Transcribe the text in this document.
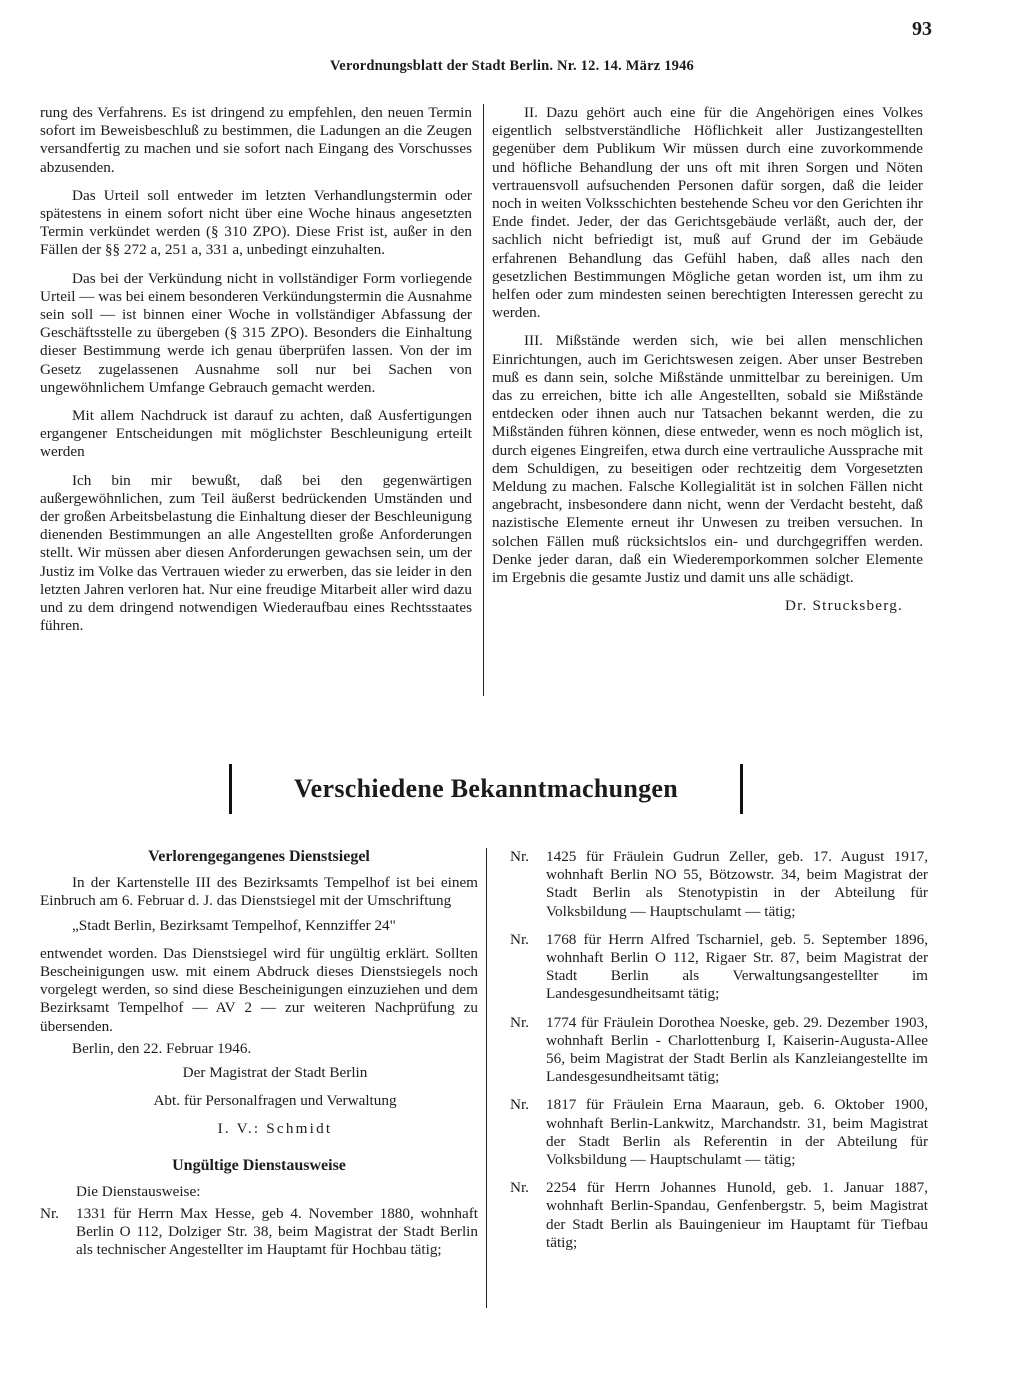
93
Verordnungsblatt der Stadt Berlin. Nr. 12. 14. März 1946

rung des Verfahrens. Es ist dringend zu empfehlen, den neuen Termin sofort im Beweisbeschluß zu bestimmen, die Ladungen an die Zeugen versandfertig zu machen und sie sofort nach Eingang des Vorschusses abzusenden.

Das Urteil soll entweder im letzten Verhandlungstermin oder spätestens in einem sofort nicht über eine Woche hinaus angesetzten Termin verkündet werden (§ 310 ZPO). Diese Frist ist, außer in den Fällen der §§ 272 a, 251 a, 331 a, unbedingt einzuhalten.

Das bei der Verkündung nicht in vollständiger Form vorliegende Urteil — was bei einem besonderen Verkündungstermin die Ausnahme sein soll — ist binnen einer Woche in vollständiger Abfassung der Geschäftsstelle zu übergeben (§ 315 ZPO). Besonders die Einhaltung dieser Bestimmung werde ich genau überprüfen lassen. Von der im Gesetz zugelassenen Ausnahme soll nur bei Sachen von ungewöhnlichem Umfange Gebrauch gemacht werden.

Mit allem Nachdruck ist darauf zu achten, daß Ausfertigungen ergangener Entscheidungen mit möglichster Beschleunigung erteilt werden

Ich bin mir bewußt, daß bei den gegenwärtigen außergewöhnlichen, zum Teil äußerst bedrückenden Umständen und der großen Arbeitsbelastung die Einhaltung dieser der Beschleunigung dienenden Bestimmungen an alle Angestellten große Anforderungen stellt. Wir müssen aber diesen Anforderungen gewachsen sein, um der Justiz im Volke das Vertrauen wieder zu erwerben, das sie leider in den letzten Jahren verloren hat. Nur eine freudige Mitarbeit aller wird dazu und zu dem dringend notwendigen Wiederaufbau eines Rechtsstaates führen.

II. Dazu gehört auch eine für die Angehörigen eines Volkes eigentlich selbstverständliche Höflichkeit aller Justizangestellten gegenüber dem Publikum Wir müssen durch eine zuvorkommende und höfliche Behandlung der uns oft mit ihren Sorgen und Nöten vertrauensvoll aufsuchenden Personen dafür sorgen, daß die leider noch in weiten Volksschichten bestehende Scheu vor den Gerichten ihr Ende findet. Jeder, der das Gerichtsgebäude verläßt, auch der, der sachlich nicht befriedigt ist, muß auf Grund der im Gebäude erfahrenen Behandlung das Gefühl haben, daß alles nach den gesetzlichen Bestimmungen Mögliche getan worden ist, um ihm zu helfen oder zum mindesten seinen berechtigten Interessen gerecht zu werden.

III. Mißstände werden sich, wie bei allen menschlichen Einrichtungen, auch im Gerichtswesen zeigen. Aber unser Bestreben muß es dann sein, solche Mißstände unmittelbar zu bereinigen. Um das zu erreichen, bitte ich alle Angestellten, sobald sie Mißstände entdecken oder ihnen auch nur Tatsachen bekannt werden, die zu Mißständen führen können, diese entweder, wenn es noch möglich ist, durch eigenes Eingreifen, etwa durch eine vertrauliche Aussprache mit dem Schuldigen, zu beseitigen oder rechtzeitig dem Vorgesetzten Meldung zu machen. Falsche Kollegialität ist in solchen Fällen nicht angebracht, insbesondere dann nicht, wenn der Verdacht besteht, daß nazistische Elemente erneut ihr Unwesen zu treiben versuchen. In solchen Fällen muß rücksichtslos ein- und durchgegriffen werden. Denke jeder daran, daß ein Wiederemporkommen solcher Elemente im Ergebnis die gesamte Justiz und damit uns alle schädigt.

Dr. Strucksberg.
Verschiedene Bekanntmachungen
Verlorengegangenes Dienstsiegel

In der Kartenstelle III des Bezirksamts Tempelhof ist bei einem Einbruch am 6. Februar d. J. das Dienstsiegel mit der Umschriftung

„Stadt Berlin, Bezirksamt Tempelhof, Kennziffer 24"

entwendet worden. Das Dienstsiegel wird für ungültig erklärt. Sollten Bescheinigungen usw. mit einem Abdruck dieses Dienstsiegels noch vorgelegt werden, so sind diese Bescheinigungen einzuziehen und dem Bezirksamt Tempelhof — AV 2 — zur weiteren Nachprüfung zu übersenden.

Berlin, den 22. Februar 1946.

Der Magistrat der Stadt Berlin

Abt. für Personalfragen und Verwaltung

I. V.: Schmidt

Ungültige Dienstausweise

Die Dienstausweise:

Nr.	1331 für Herrn Max Hesse, geb 4. November 1880, wohnhaft Berlin O 112, Dolziger Str. 38, beim Magistrat der Stadt Berlin als technischer Angestellter im Hauptamt für Hochbau tätig;
Nr.	1425 für Fräulein Gudrun Zeller, geb. 17. August 1917, wohnhaft Berlin NO 55, Bötzowstr. 34, beim Magistrat der Stadt Berlin als Stenotypistin in der Abteilung für Volksbildung — Hauptschulamt — tätig;
Nr.	1768 für Herrn Alfred Tscharniel, geb. 5. September 1896, wohnhaft Berlin O 112, Rigaer Str. 87, beim Magistrat der Stadt Berlin als Verwaltungsangestellter im Landesgesundheitsamt tätig;
Nr.	1774 für Fräulein Dorothea Noeske, geb. 29. Dezember 1903, wohnhaft Berlin - Charlottenburg I, Kaiserin-Augusta-Allee 56, beim Magistrat der Stadt Berlin als Kanzleiangestellte im Landesgesundheitsamt tätig;
Nr.	1817 für Fräulein Erna Maaraun, geb. 6. Oktober 1900, wohnhaft Berlin-Lankwitz, Marchandstr. 31, beim Magistrat der Stadt Berlin als Referentin in der Abteilung für Volksbildung — Hauptschulamt — tätig;
Nr.	2254 für Herrn Johannes Hunold, geb. 1. Januar 1887, wohnhaft Berlin-Spandau, Genfenbergstr. 5, beim Magistrat der Stadt Berlin als Bauingenieur im Hauptamt für Tiefbau tätig;
